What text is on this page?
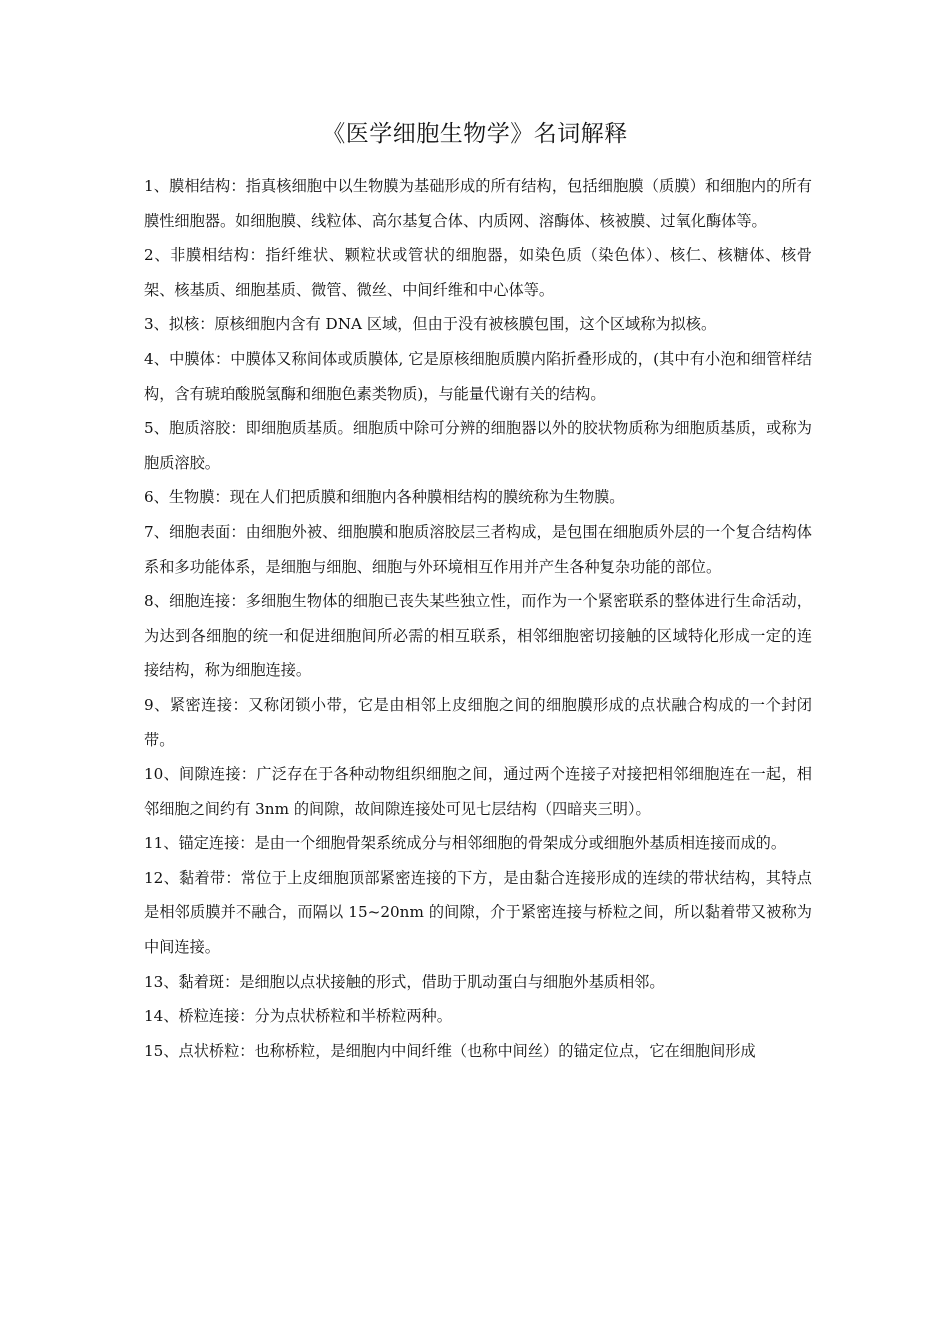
《医学细胞生物学》名词解释

1、膜相结构：指真核细胞中以生物膜为基础形成的所有结构，包括细胞膜（质膜）和细胞内的所有膜性细胞器。如细胞膜、线粒体、高尔基复合体、内质网、溶酶体、核被膜、过氧化酶体等。

2、非膜相结构：指纤维状、颗粒状或管状的细胞器，如染色质（染色体）、核仁、核糖体、核骨架、核基质、细胞基质、微管、微丝、中间纤维和中心体等。

3、拟核：原核细胞内含有 DNA 区域，但由于没有被核膜包围，这个区域称为拟核。

4、中膜体：中膜体又称间体或质膜体, 它是原核细胞质膜内陷折叠形成的，(其中有小泡和细管样结构，含有琥珀酸脱氢酶和细胞色素类物质)，与能量代谢有关的结构。

5、胞质溶胶：即细胞质基质。细胞质中除可分辨的细胞器以外的胶状物质称为细胞质基质，或称为胞质溶胶。

6、生物膜：现在人们把质膜和细胞内各种膜相结构的膜统称为生物膜。

7、细胞表面：由细胞外被、细胞膜和胞质溶胶层三者构成，是包围在细胞质外层的一个复合结构体系和多功能体系，是细胞与细胞、细胞与外环境相互作用并产生各种复杂功能的部位。

8、细胞连接：多细胞生物体的细胞已丧失某些独立性，而作为一个紧密联系的整体进行生命活动，为达到各细胞的统一和促进细胞间所必需的相互联系，相邻细胞密切接触的区域特化形成一定的连接结构，称为细胞连接。

9、紧密连接：又称闭锁小带，它是由相邻上皮细胞之间的细胞膜形成的点状融合构成的一个封闭带。

10、间隙连接：广泛存在于各种动物组织细胞之间，通过两个连接子对接把相邻细胞连在一起，相邻细胞之间约有 3nm 的间隙，故间隙连接处可见七层结构（四暗夹三明）。

11、锚定连接：是由一个细胞骨架系统成分与相邻细胞的骨架成分或细胞外基质相连接而成的。

12、黏着带：常位于上皮细胞顶部紧密连接的下方，是由黏合连接形成的连续的带状结构，其特点是相邻质膜并不融合，而隔以 15~20nm 的间隙，介于紧密连接与桥粒之间，所以黏着带又被称为中间连接。

13、黏着斑：是细胞以点状接触的形式，借助于肌动蛋白与细胞外基质相邻。

14、桥粒连接：分为点状桥粒和半桥粒两种。

15、点状桥粒：也称桥粒，是细胞内中间纤维（也称中间丝）的锚定位点，它在细胞间形成
